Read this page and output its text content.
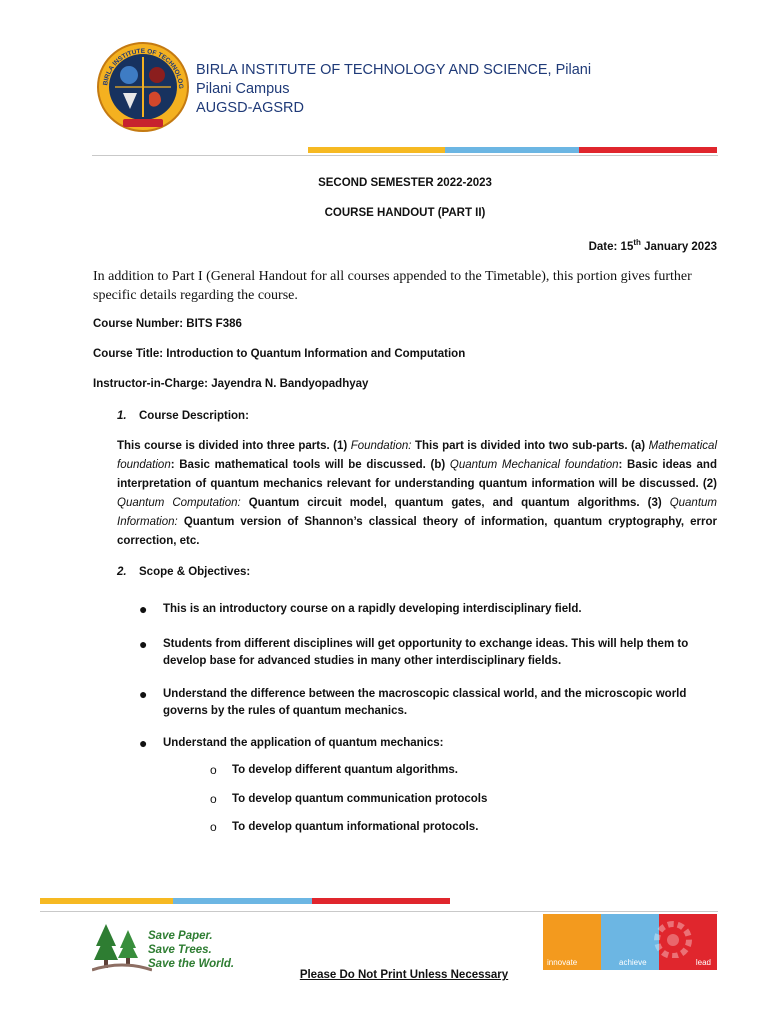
BIRLA INSTITUTE OF TECHNOLOG
BIRLA INSTITUTE OF TECHNOLOGY AND SCIENCE, Pilani
Pilani Campus
AUGSD-AGSRD
SECOND SEMESTER 2022-2023
COURSE HANDOUT (PART II)
Date: 15th January 2023
In addition to Part I (General Handout for all courses appended to the Timetable), this portion gives further specific details regarding the course.
Course Number: BITS F386
Course Title: Introduction to Quantum Information and Computation
Instructor-in-Charge: Jayendra N. Bandyopadhyay
1. Course Description:
This course is divided into three parts. (1) Foundation: This part is divided into two sub-parts. (a) Mathematical foundation: Basic mathematical tools will be discussed. (b) Quantum Mechanical foundation: Basic ideas and interpretation of quantum mechanics relevant for understanding quantum information will be discussed. (2) Quantum Computation: Quantum circuit model, quantum gates, and quantum algorithms. (3) Quantum Information: Quantum version of Shannon’s classical theory of information, quantum cryptography, error correction, etc.
2. Scope & Objectives:
● This is an introductory course on a rapidly developing interdisciplinary field.
● Students from different disciplines will get opportunity to exchange ideas. This will help them to develop base for advanced studies in many other interdisciplinary fields.
● Understand the difference between the macroscopic classical world, and the microscopic world governs by the rules of quantum mechanics.
● Understand the application of quantum mechanics:
o To develop different quantum algorithms.
o To develop quantum communication protocols
o To develop quantum informational protocols.
Save Paper.
Save Trees.
Save the World.	innovate	achieve	lead
Please Do Not Print Unless Necessary
